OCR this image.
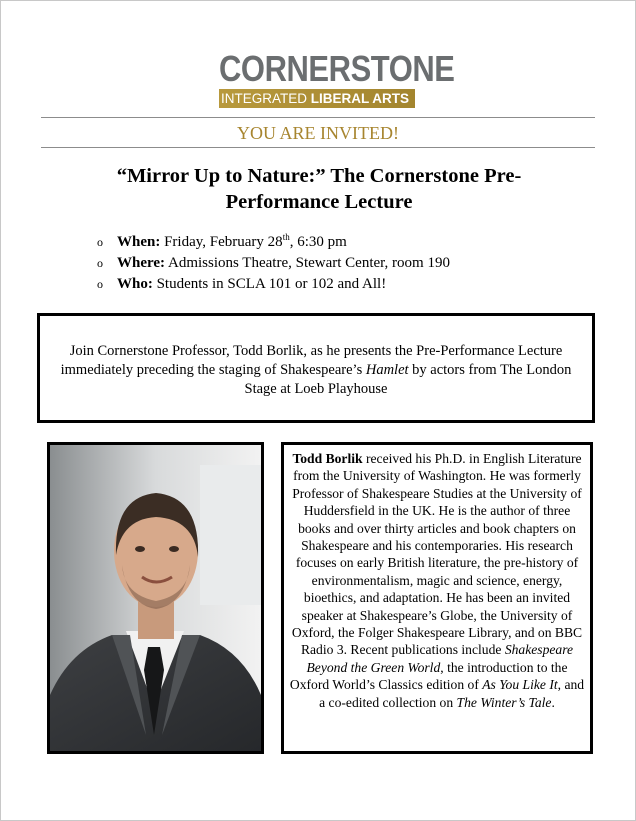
CORNERSTONE
INTEGRATED LIBERAL ARTS
YOU ARE INVITED!
“Mirror Up to Nature:” The Cornerstone Pre-Performance Lecture
o When: Friday, February 28th, 6:30 pm
o Where: Admissions Theatre, Stewart Center, room 190
o Who: Students in SCLA 101 or 102 and All!
Join Cornerstone Professor, Todd Borlik, as he presents the Pre-Performance Lecture immediately preceding the staging of Shakespeare’s Hamlet by actors from The London Stage at Loeb Playhouse
Todd Borlik received his Ph.D. in English Literature from the University of Washington. He was formerly Professor of Shakespeare Studies at the University of Huddersfield in the UK. He is the author of three books and over thirty articles and book chapters on Shakespeare and his contemporaries. His research focuses on early British literature, the pre-history of environmentalism, magic and science, energy, bioethics, and adaptation. He has been an invited speaker at Shakespeare’s Globe, the University of Oxford, the Folger Shakespeare Library, and on BBC Radio 3. Recent publications include Shakespeare Beyond the Green World, the introduction to the Oxford World’s Classics edition of As You Like It, and a co-edited collection on The Winter’s Tale.
